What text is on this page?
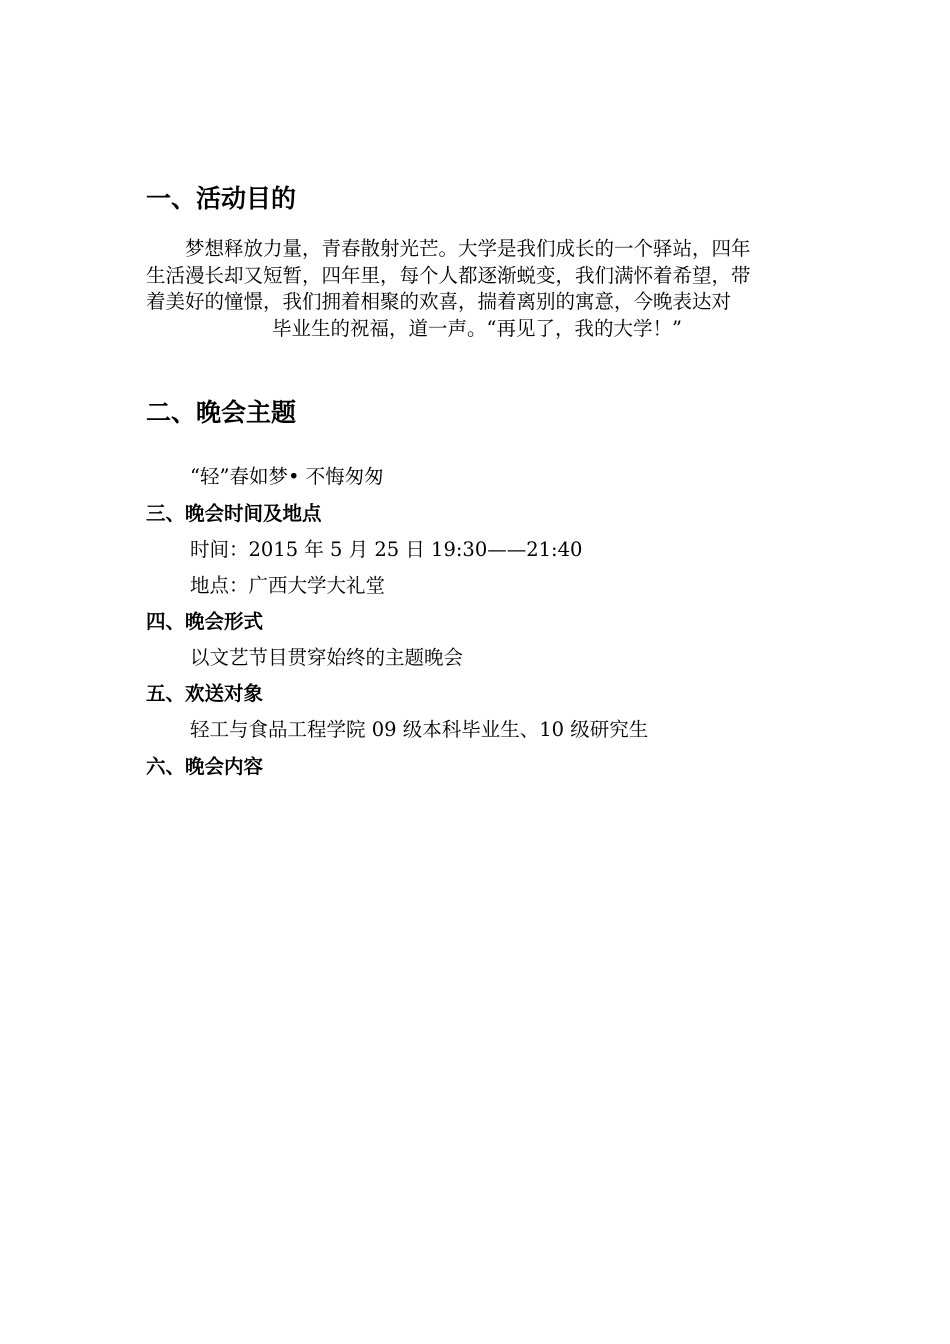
一、活动目的
　　梦想释放力量，青春散射光芒。大学是我们成长的一个驿站，四年
生活漫长却又短暂，四年里，每个人都逐渐蜕变，我们满怀着希望，带
着美好的憧憬，我们拥着相聚的欢喜，揣着离别的寓意，今晚表达对
毕业生的祝福，道一声。“再见了，我的大学！”
二、晚会主题
“轻”春如梦• 不悔匆匆
三、晚会时间及地点
时间：2015 年 5 月 25 日 19:30——21:40
地点：广西大学大礼堂
四、晚会形式
以文艺节目贯穿始终的主题晚会
五、欢送对象
轻工与食品工程学院 09 级本科毕业生、10 级研究生
六、晚会内容
